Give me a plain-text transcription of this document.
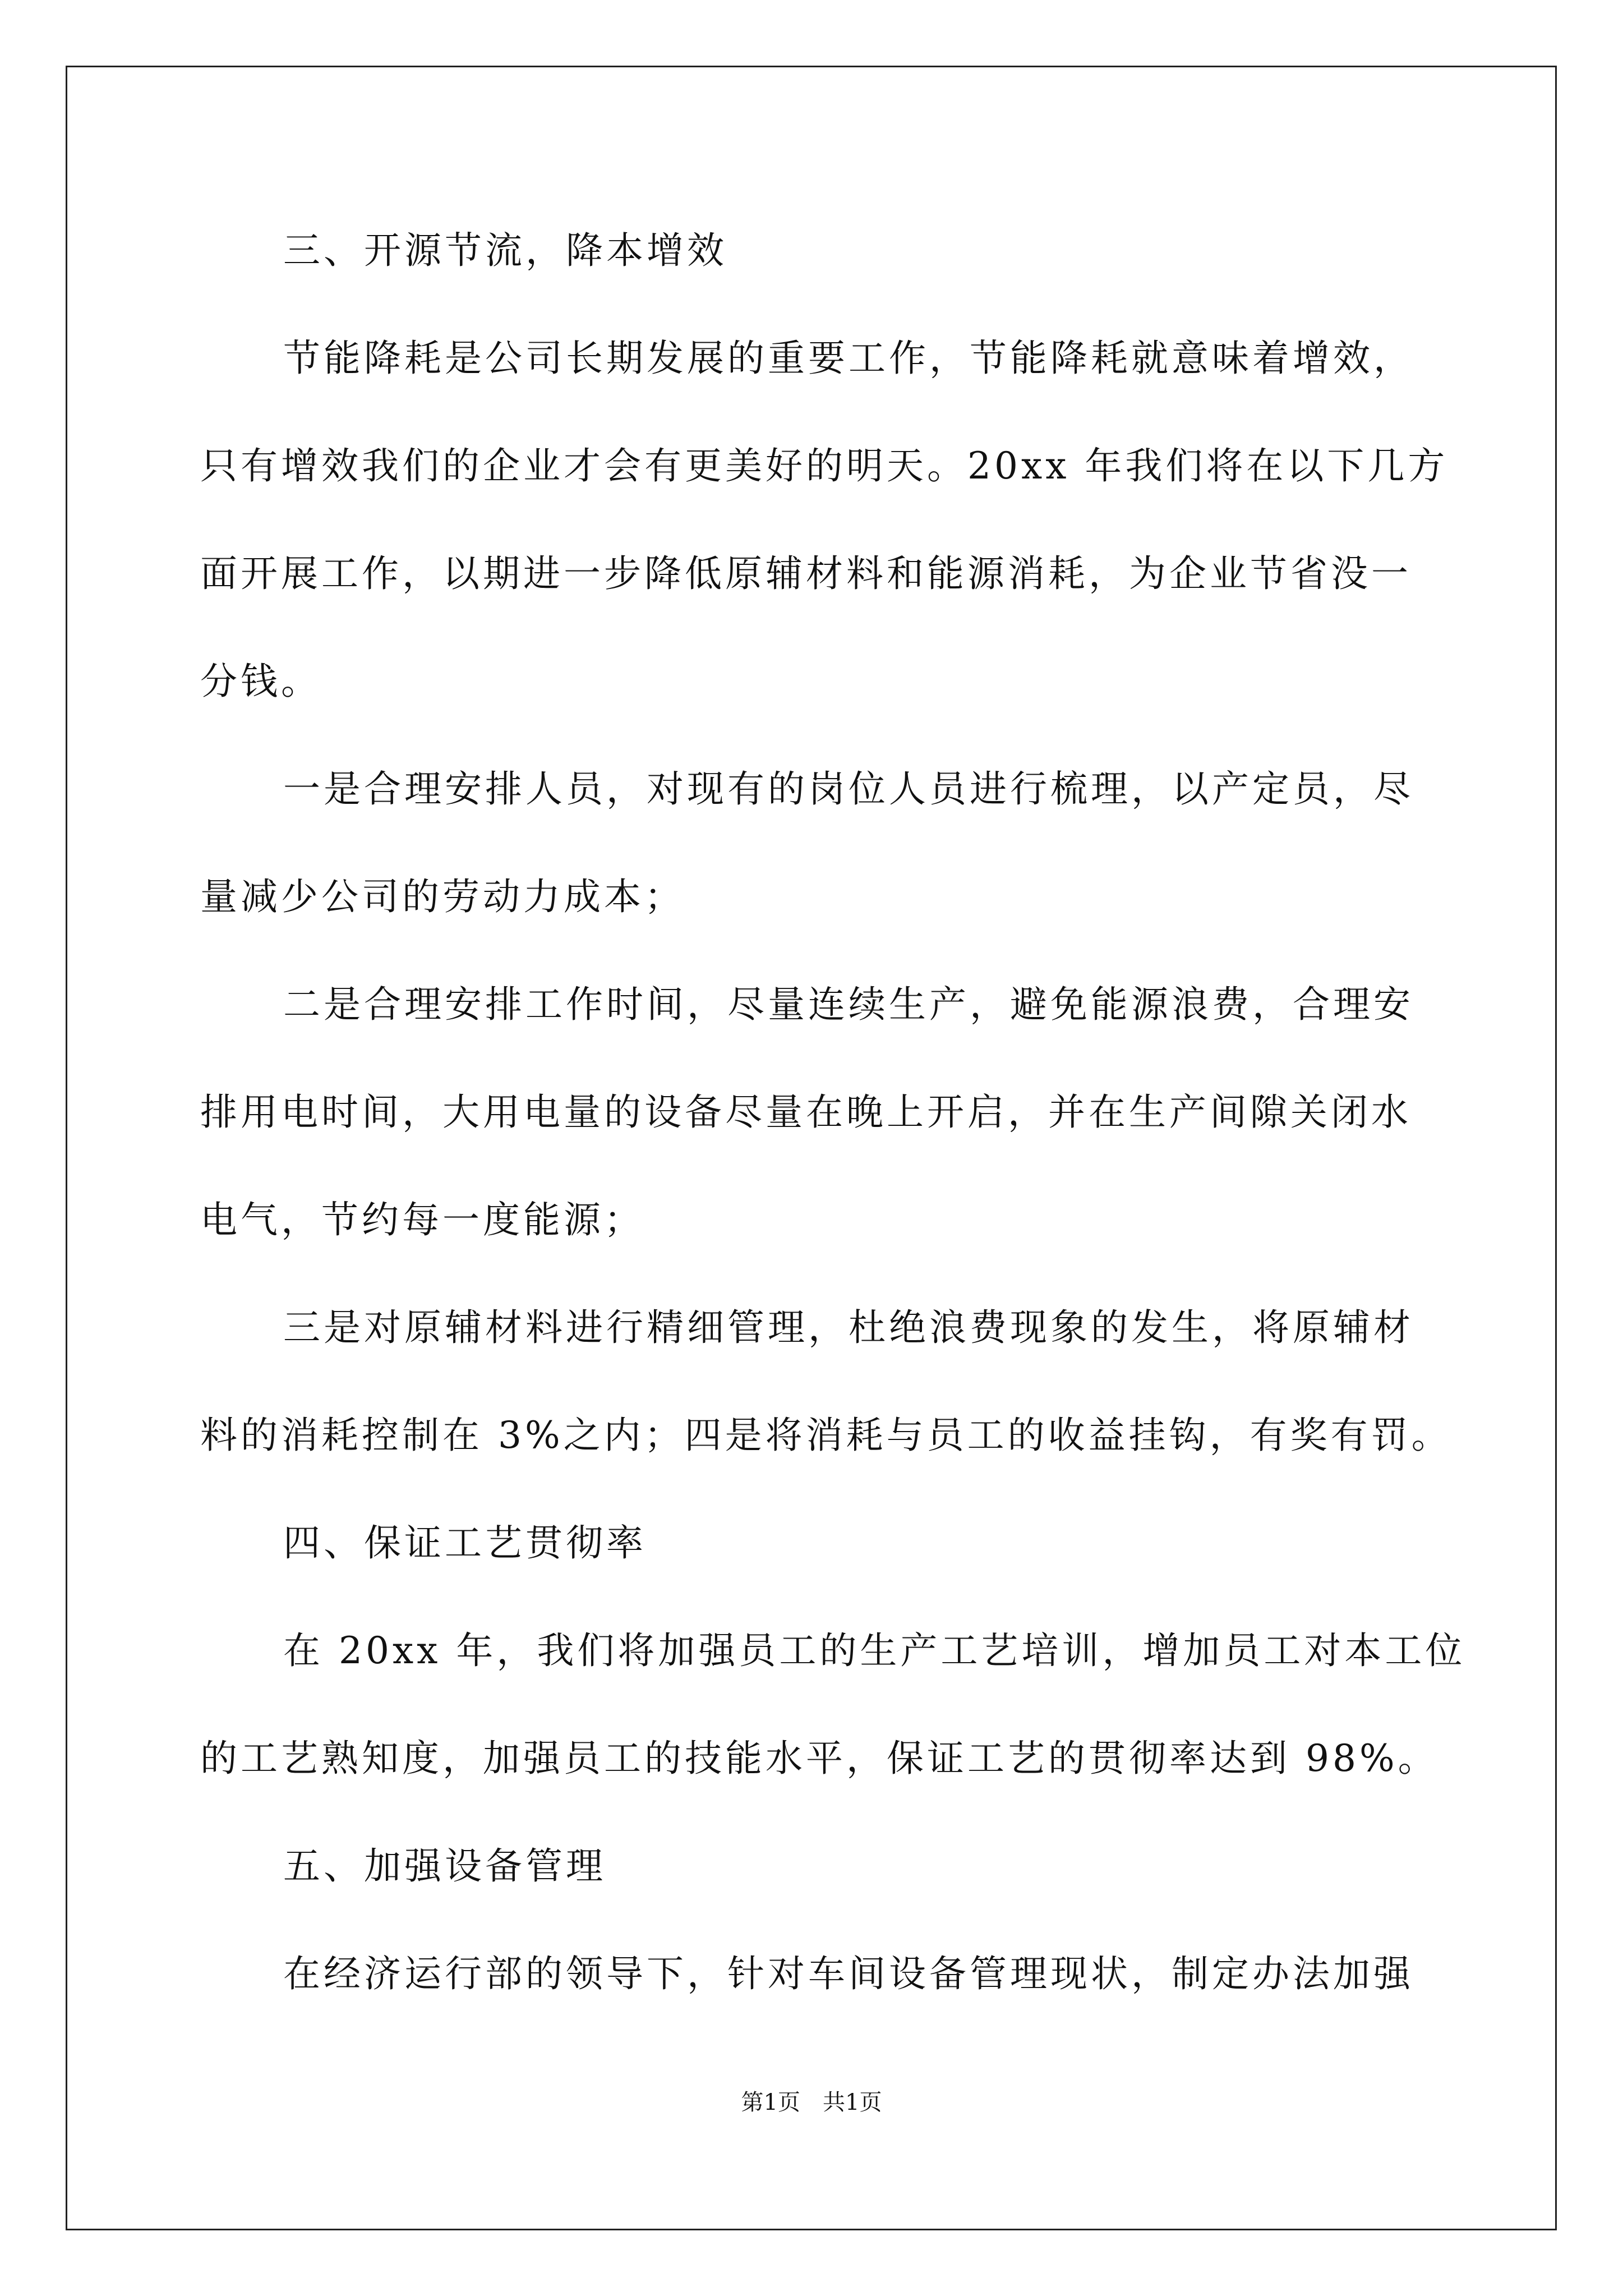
三、开源节流，降本增效
节能降耗是公司长期发展的重要工作，节能降耗就意味着增效，
只有增效我们的企业才会有更美好的明天。20xx 年我们将在以下几方
面开展工作，以期进一步降低原辅材料和能源消耗，为企业节省没一
分钱。
一是合理安排人员，对现有的岗位人员进行梳理，以产定员，尽
量减少公司的劳动力成本；
二是合理安排工作时间，尽量连续生产，避免能源浪费，合理安
排用电时间，大用电量的设备尽量在晚上开启，并在生产间隙关闭水
电气，节约每一度能源；
三是对原辅材料进行精细管理，杜绝浪费现象的发生，将原辅材
料的消耗控制在 3%之内；四是将消耗与员工的收益挂钩，有奖有罚。
四、保证工艺贯彻率
在 20xx 年，我们将加强员工的生产工艺培训，增加员工对本工位
的工艺熟知度，加强员工的技能水平，保证工艺的贯彻率达到 98%。
五、加强设备管理
在经济运行部的领导下，针对车间设备管理现状，制定办法加强
第1页　共1页
